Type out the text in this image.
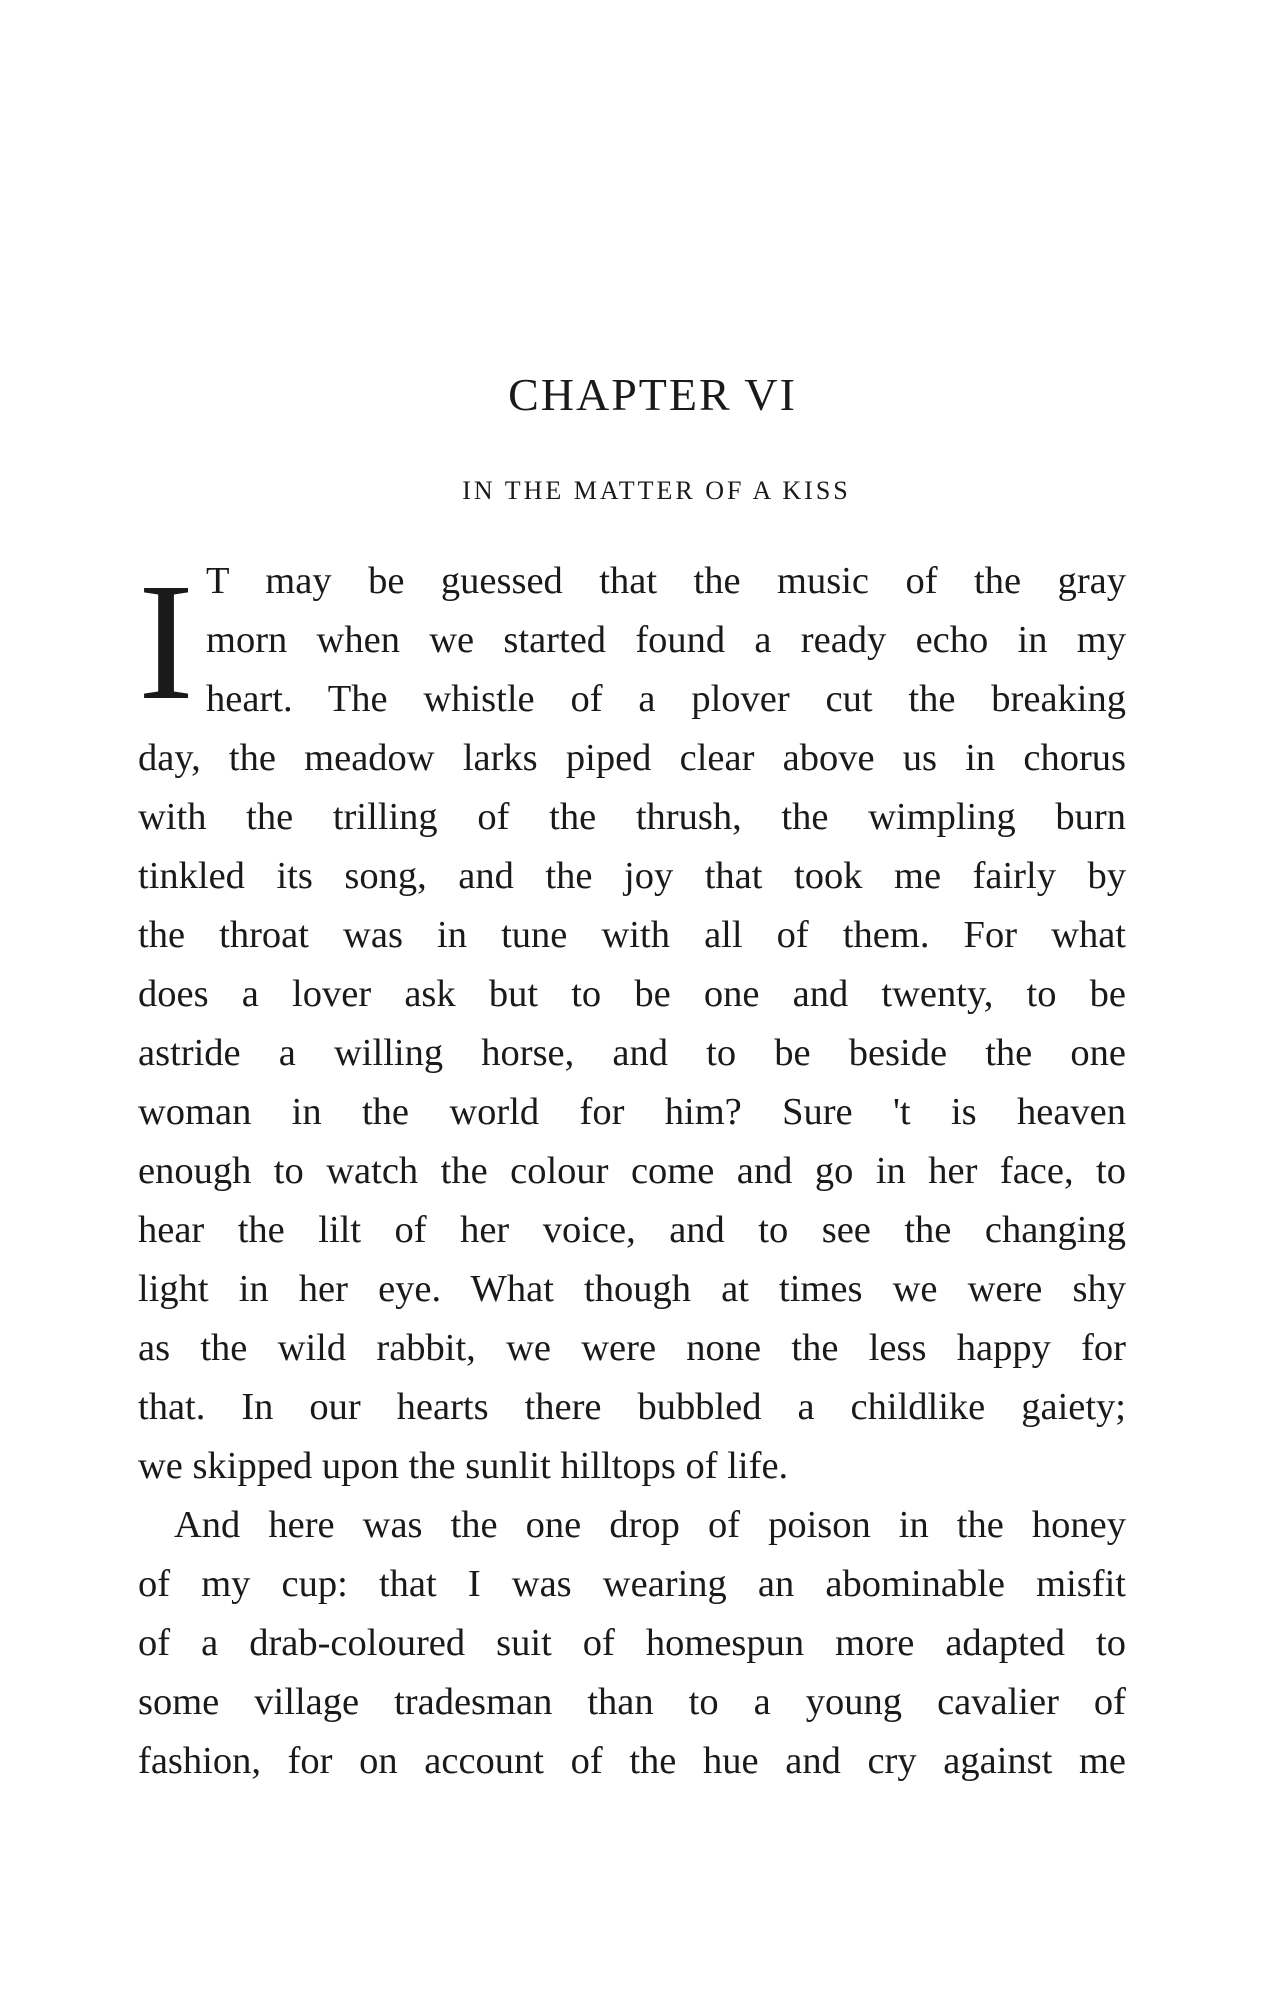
CHAPTER VI
IN THE MATTER OF A KISS
I T may be guessed that the music of the gray
morn when we started found a ready echo in my
heart. The whistle of a plover cut the breaking
day, the meadow larks piped clear above us in chorus
with the trilling of the thrush, the wimpling burn
tinkled its song, and the joy that took me fairly by
the throat was in tune with all of them. For what
does a lover ask but to be one and twenty, to be
astride a willing horse, and to be beside the one
woman in the world for him? Sure 't is heaven
enough to watch the colour come and go in her face, to
hear the lilt of her voice, and to see the changing
light in her eye. What though at times we were shy
as the wild rabbit, we were none the less happy for
that. In our hearts there bubbled a childlike gaiety;
we skipped upon the sunlit hilltops of life.
And here was the one drop of poison in the honey
of my cup: that I was wearing an abominable misfit
of a drab-coloured suit of homespun more adapted to
some village tradesman than to a young cavalier of
fashion, for on account of the hue and cry against me
